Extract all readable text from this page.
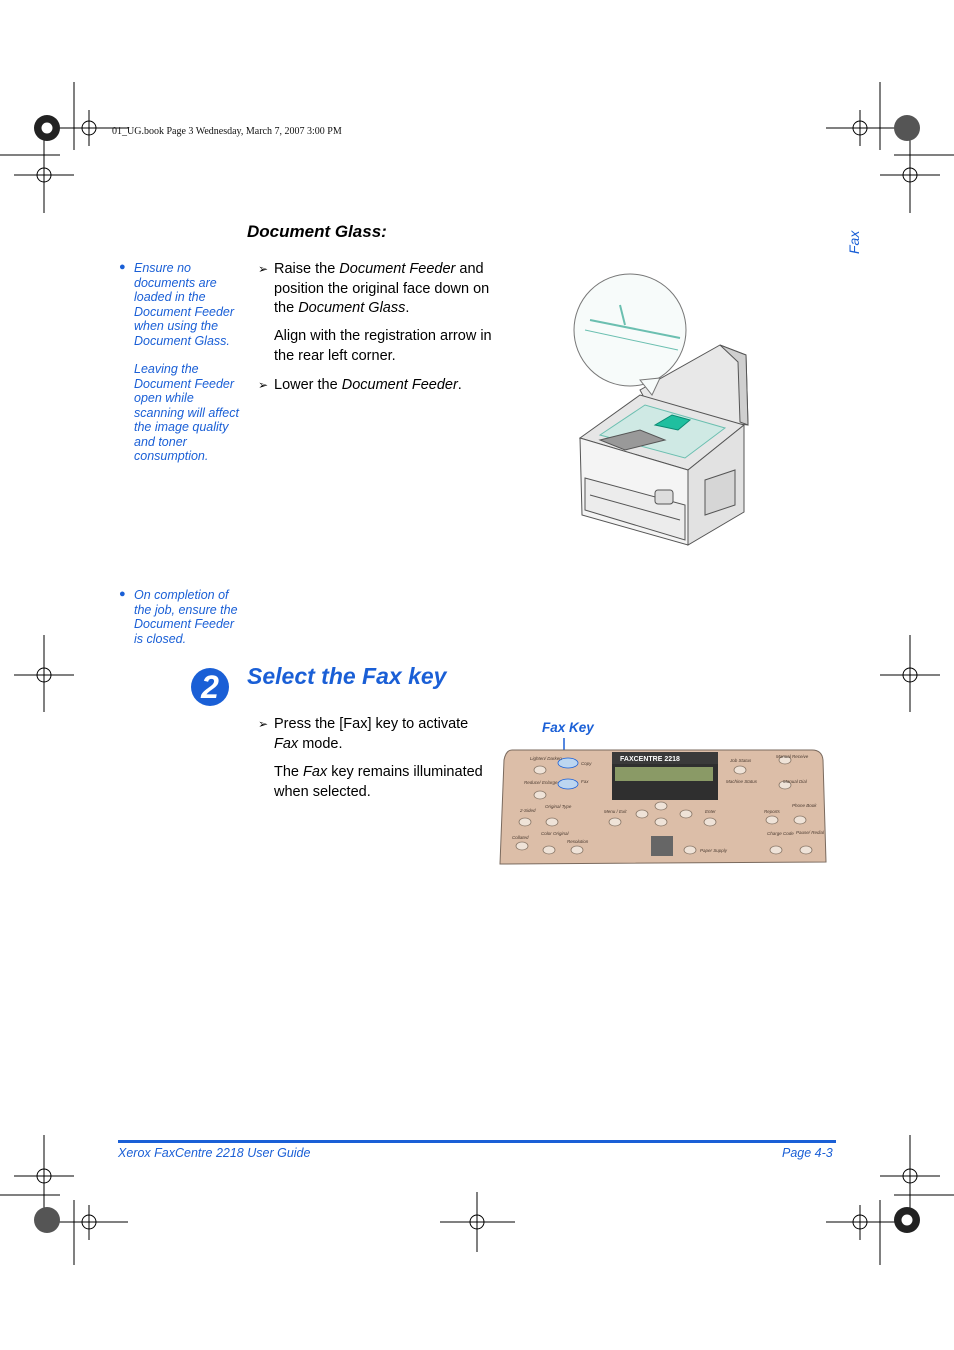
01_UG.book Page 3 Wednesday, March 7, 2007 3:00 PM
Fax
Document Glass:
● Ensure no documents are loaded in the Document Feeder when using the Document Glass.
Leaving the Document Feeder open while scanning will affect the image quality and toner consumption.
● On completion of the job, ensure the Document Feeder is closed.
➢ Raise the Document Feeder and position the original face down on the Document Glass.
Align with the registration arrow in the rear left corner.
➢ Lower the Document Feeder.
2	Select the Fax key
➢ Press the [Fax] key to activate Fax mode.
The Fax key remains illuminated when selected.
Fax Key
FAXCENTRE 2218
Lighten/ Darken
Copy
Fax
Job Status
Machine Status
Manual Receive
Manual Dial
Reduce/ Enlarge
2-Sided
Original Type
Menu / Exit	Enter	Reports
Phone Book
Collated
Color Original
Resolution
Charge Code Pause/ Redial
Paper Supply
Xerox FaxCentre 2218 User Guide	Page 4-3
